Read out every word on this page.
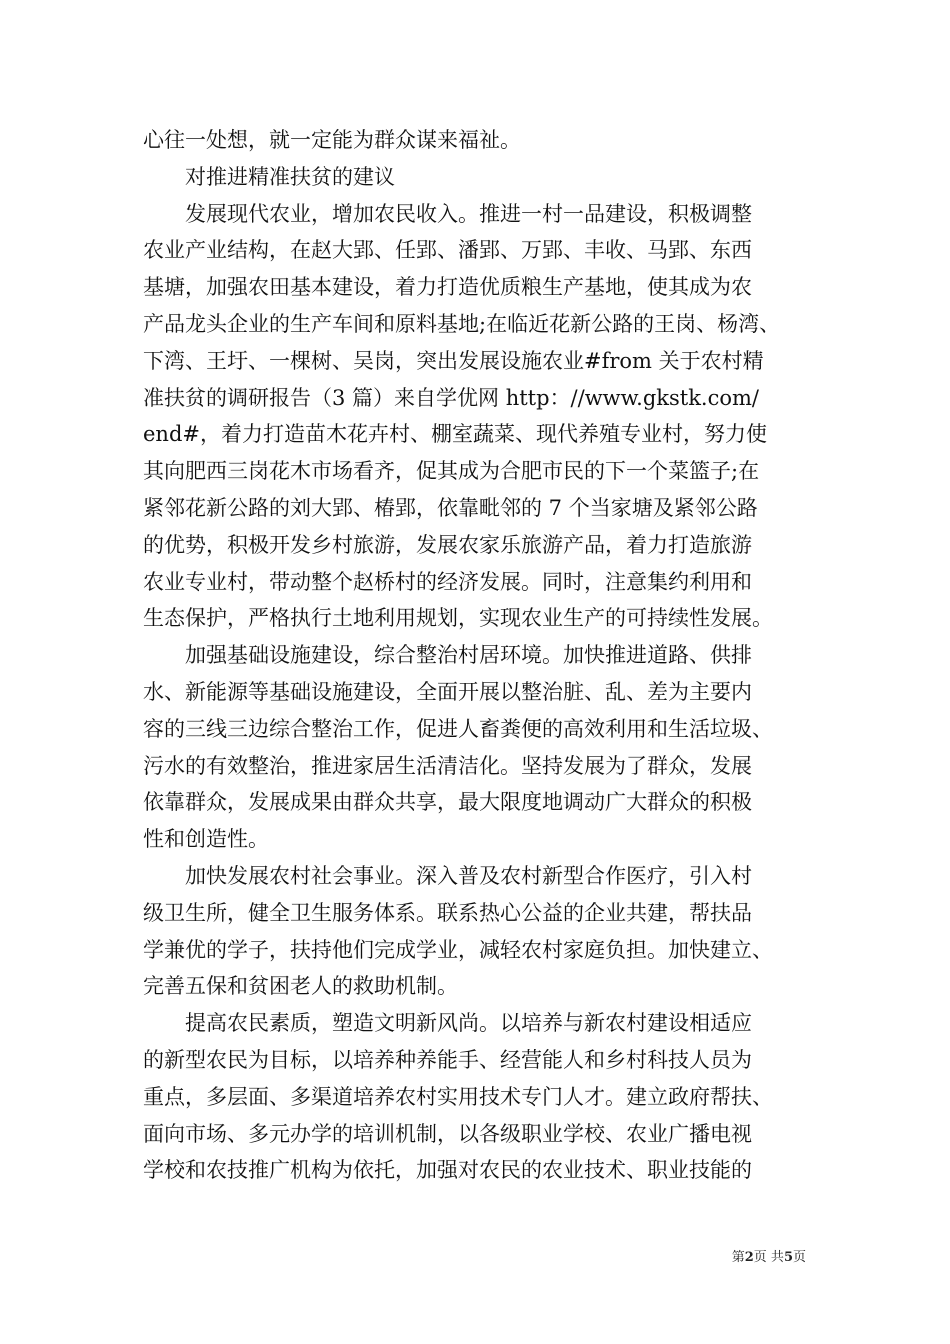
心往一处想，就一定能为群众谋来福祉。
　　对推进精准扶贫的建议
　　发展现代农业，增加农民收入。推进一村一品建设，积极调整
农业产业结构，在赵大郢、任郢、潘郢、万郢、丰收、马郢、东西
基塘，加强农田基本建设，着力打造优质粮生产基地，使其成为农
产品龙头企业的生产车间和原料基地;在临近花新公路的王岗、杨湾、
下湾、王圩、一棵树、吴岗，突出发展设施农业#from 关于农村精
准扶贫的调研报告（3 篇）来自学优网 http：//www.gkstk.com/
end#，着力打造苗木花卉村、棚室蔬菜、现代养殖专业村，努力使
其向肥西三岗花木市场看齐，促其成为合肥市民的下一个菜篮子;在
紧邻花新公路的刘大郢、椿郢，依靠毗邻的 7 个当家塘及紧邻公路
的优势，积极开发乡村旅游，发展农家乐旅游产品，着力打造旅游
农业专业村，带动整个赵桥村的经济发展。同时，注意集约利用和
生态保护，严格执行土地利用规划，实现农业生产的可持续性发展。
　　加强基础设施建设，综合整治村居环境。加快推进道路、供排
水、新能源等基础设施建设，全面开展以整治脏、乱、差为主要内
容的三线三边综合整治工作，促进人畜粪便的高效利用和生活垃圾、
污水的有效整治，推进家居生活清洁化。坚持发展为了群众，发展
依靠群众，发展成果由群众共享，最大限度地调动广大群众的积极
性和创造性。
　　加快发展农村社会事业。深入普及农村新型合作医疗，引入村
级卫生所，健全卫生服务体系。联系热心公益的企业共建，帮扶品
学兼优的学子，扶持他们完成学业，减轻农村家庭负担。加快建立、
完善五保和贫困老人的救助机制。
　　提高农民素质，塑造文明新风尚。以培养与新农村建设相适应
的新型农民为目标，以培养种养能手、经营能人和乡村科技人员为
重点，多层面、多渠道培养农村实用技术专门人才。建立政府帮扶、
面向市场、多元办学的培训机制，以各级职业学校、农业广播电视
学校和农技推广机构为依托，加强对农民的农业技术、职业技能的
第2页 共5页
